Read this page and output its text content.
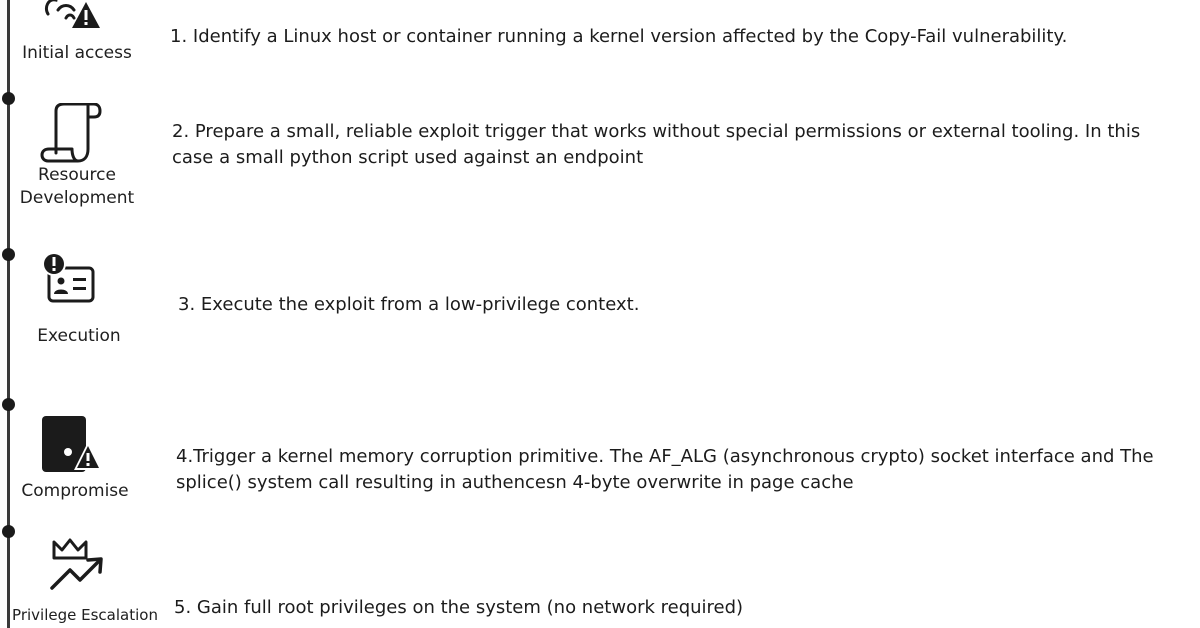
Initial access
1. Identify a Linux host or container running a kernel version affected by the Copy-Fail vulnerability.
Resource Development
2. Prepare a small, reliable exploit trigger that works without special permissions or external tooling. In this
case a small python script used against an endpoint
Execution
3. Execute the exploit from a low-privilege context.
Compromise
4.Trigger a kernel memory corruption primitive. The AF_ALG (asynchronous crypto) socket interface and The
splice() system call resulting in authencesn 4-byte overwrite in page cache
Privilege Escalation 5. Gain full root privileges on the system (no network required)
